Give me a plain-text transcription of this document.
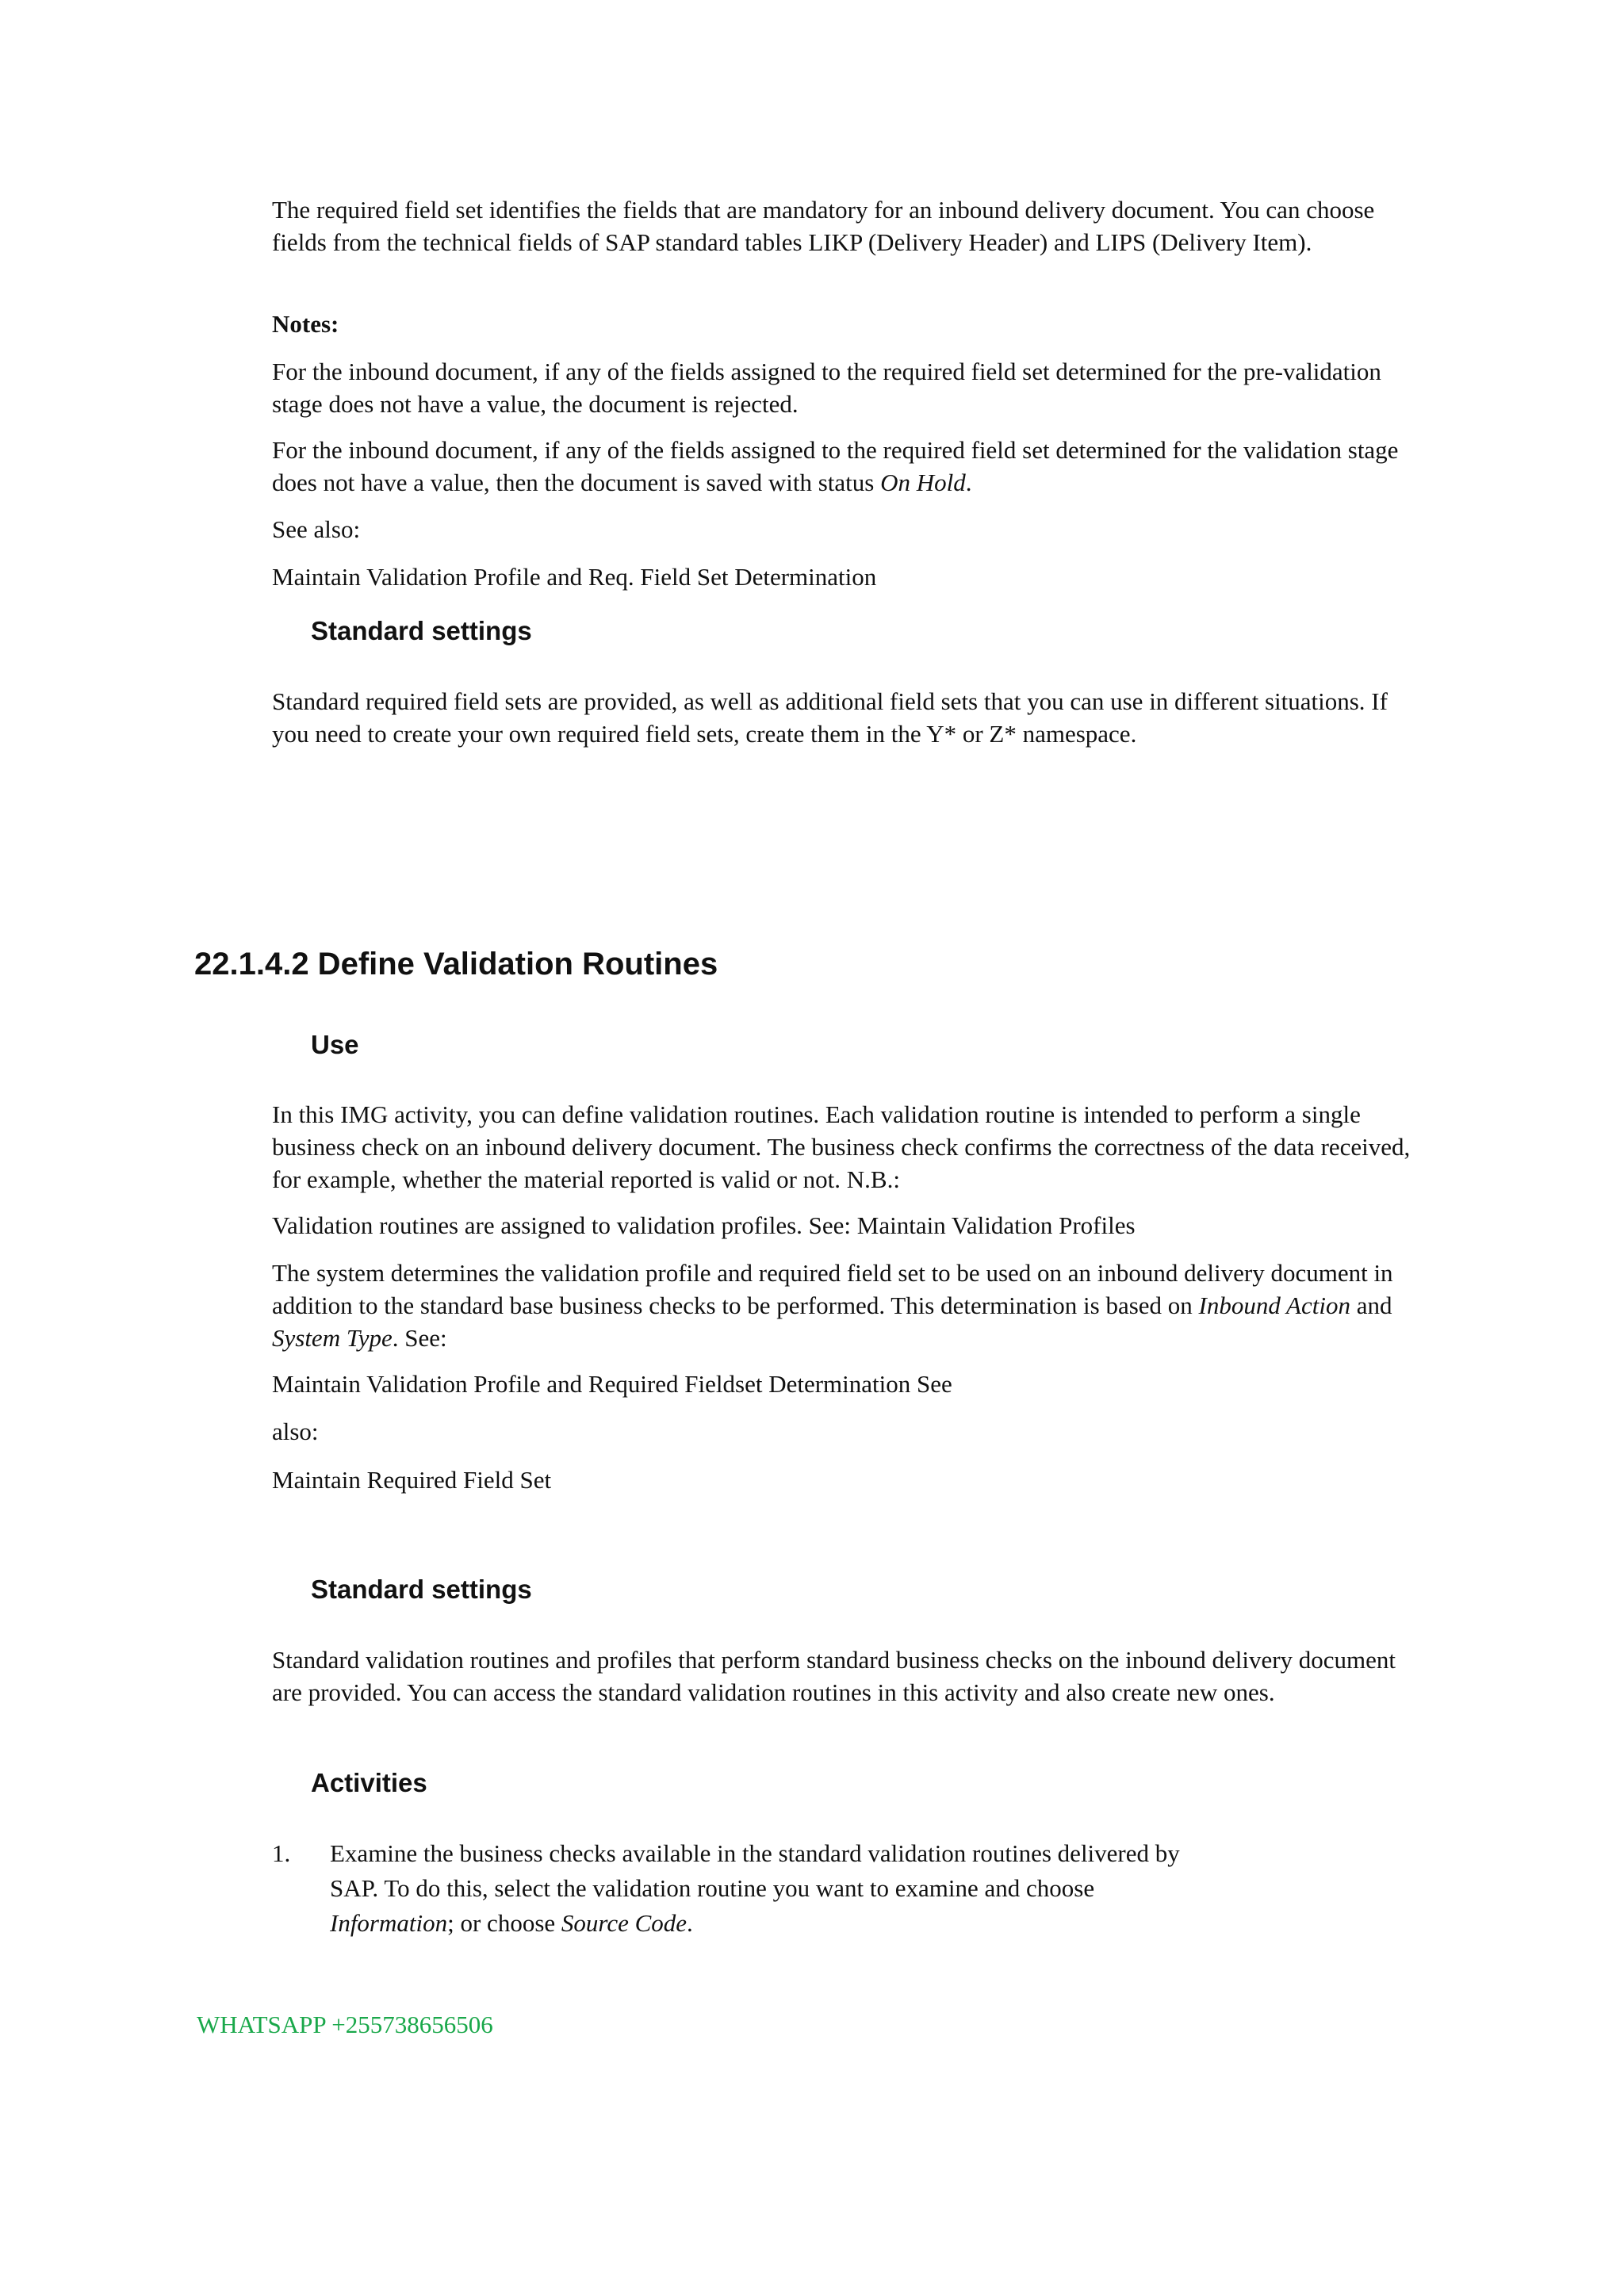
The required field set identifies the fields that are mandatory for an inbound delivery document. You can choose fields from the technical fields of SAP standard tables LIKP (Delivery Header) and LIPS (Delivery Item).

Notes:

For the inbound document, if any of the fields assigned to the required field set determined for the pre-validation stage does not have a value, the document is rejected.

For the inbound document, if any of the fields assigned to the required field set determined for the validation stage does not have a value, then the document is saved with status On Hold.

See also:

Maintain Validation Profile and Req. Field Set Determination

Standard settings

Standard required field sets are provided, as well as additional field sets that you can use in different situations. If you need to create your own required field sets, create them in the Y* or Z* namespace.

22.1.4.2 Define Validation Routines

Use

In this IMG activity, you can define validation routines. Each validation routine is intended to perform a single business check on an inbound delivery document. The business check confirms the correctness of the data received, for example, whether the material reported is valid or not. N.B.:

Validation routines are assigned to validation profiles. See: Maintain Validation Profiles

The system determines the validation profile and required field set to be used on an inbound delivery document in addition to the standard base business checks to be performed. This determination is based on Inbound Action and System Type. See:

Maintain Validation Profile and Required Fieldset Determination See

also:

Maintain Required Field Set

Standard settings

Standard validation routines and profiles that perform standard business checks on the inbound delivery document are provided. You can access the standard validation routines in this activity and also create new ones.

Activities

1. Examine the business checks available in the standard validation routines delivered by
SAP. To do this, select the validation routine you want to examine and choose
Information; or choose Source Code.

WHATSAPP +255738656506
